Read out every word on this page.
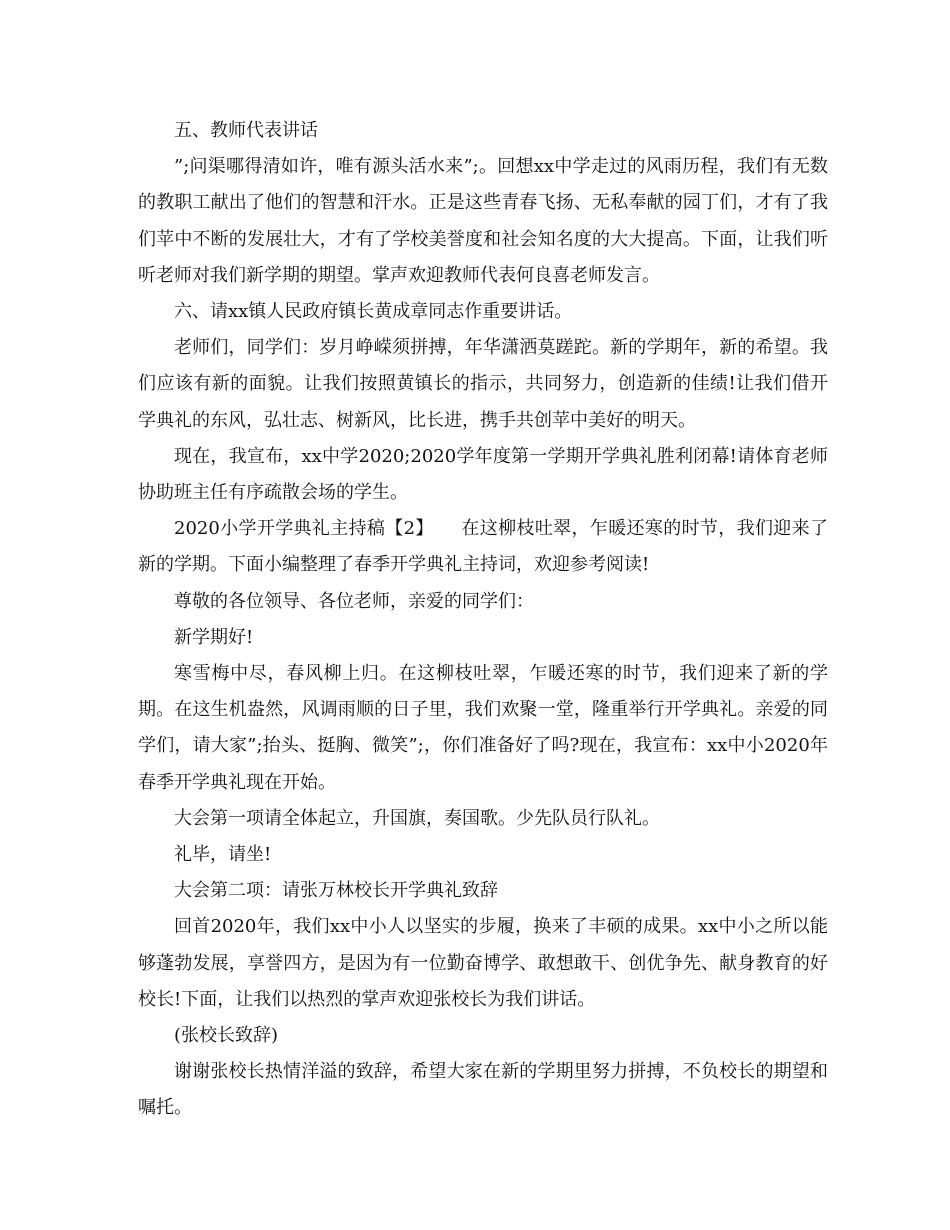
五、教师代表讲话

”;问渠哪得清如许，唯有源头活水来”;。回想xx中学走过的风雨历程，我们有无数的教职工献出了他们的智慧和汗水。正是这些青春飞扬、无私奉献的园丁们，才有了我们苹中不断的发展壮大，才有了学校美誉度和社会知名度的大大提高。下面，让我们听听老师对我们新学期的期望。掌声欢迎教师代表何良喜老师发言。

六、请xx镇人民政府镇长黄成章同志作重要讲话。

老师们，同学们：岁月峥嵘须拼搏，年华潇洒莫蹉跎。新的学期年，新的希望。我们应该有新的面貌。让我们按照黄镇长的指示，共同努力，创造新的佳绩!让我们借开学典礼的东风，弘壮志、树新风，比长进，携手共创苹中美好的明天。

现在，我宣布，xx中学2020;2020学年度第一学期开学典礼胜利闭幕!请体育老师协助班主任有序疏散会场的学生。

2020小学开学典礼主持稿【2】　　在这柳枝吐翠，乍暖还寒的时节，我们迎来了新的学期。下面小编整理了春季开学典礼主持词，欢迎参考阅读!

尊敬的各位领导、各位老师，亲爱的同学们：

新学期好!

寒雪梅中尽，春风柳上归。在这柳枝吐翠，乍暖还寒的时节，我们迎来了新的学期。在这生机盎然，风调雨顺的日子里，我们欢聚一堂，隆重举行开学典礼。亲爱的同学们，请大家”;抬头、挺胸、微笑”;，你们准备好了吗?现在，我宣布：xx中小2020年春季开学典礼现在开始。

大会第一项请全体起立，升国旗，奏国歌。少先队员行队礼。

礼毕，请坐!

大会第二项：请张万林校长开学典礼致辞

回首2020年，我们xx中小人以坚实的步履，换来了丰硕的成果。xx中小之所以能够蓬勃发展，享誉四方，是因为有一位勤奋博学、敢想敢干、创优争先、献身教育的好校长!下面，让我们以热烈的掌声欢迎张校长为我们讲话。

(张校长致辞)

谢谢张校长热情洋溢的致辞，希望大家在新的学期里努力拼搏，不负校长的期望和嘱托。
